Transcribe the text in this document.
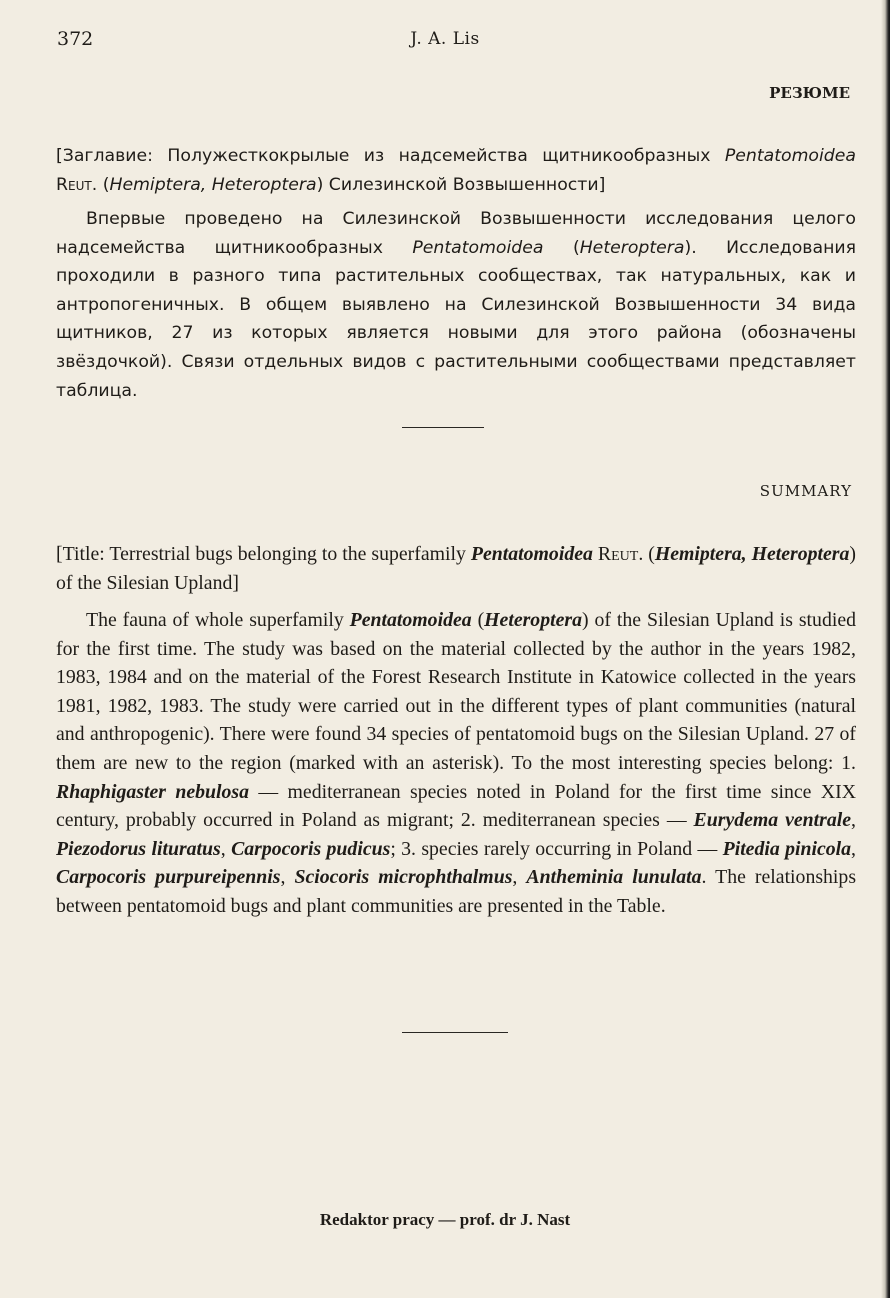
372	J. A. Lis
РЕЗЮМЕ
[Заглавие: Полужесткокрылые из надсемейства щитникообразных Pentatomoidea Reut. (Hemiptera, Heteroptera) Силезинской Возвышенности]
Впервые проведено на Силезинской Возвышенности исследования целого надсемейства щитникообразных Pentatomoidea (Heteroptera). Исследования проходили в разного типа растительных сообществах, так натуральных, как и антропогеничных. В общем выявлено на Силезинской Возвышенности 34 вида щитников, 27 из которых является новыми для этого района (обозначены звёздочкой). Связи отдельных видов с растительными сообществами представляет таблица.
SUMMARY
[Title: Terrestrial bugs belonging to the superfamily Pentatomoidea Reut. (Hemiptera, Heteroptera) of the Silesian Upland]
The fauna of whole superfamily Pentatomoidea (Heteroptera) of the Silesian Upland is studied for the first time. The study was based on the material collected by the author in the years 1982, 1983, 1984 and on the material of the Forest Research Institute in Katowice collected in the years 1981, 1982, 1983. The study were carried out in the different types of plant communities (natural and anthropogenic). There were found 34 species of pentatomoid bugs on the Silesian Upland. 27 of them are new to the region (marked with an asterisk). To the most interesting species belong: 1. Rhaphigaster nebulosa — mediterranean species noted in Poland for the first time since XIX century, probably occurred in Poland as migrant; 2. mediterranean species — Eurydema ventrale, Piezodorus lituratus, Carpocoris pudicus; 3. species rarely occurring in Poland — Pitedia pinicola, Carpocoris purpureipennis, Sciocoris microphthalmus, Antheminia lunulata. The relationships between pentatomoid bugs and plant communities are presented in the Table.
Redaktor pracy — prof. dr J. Nast
